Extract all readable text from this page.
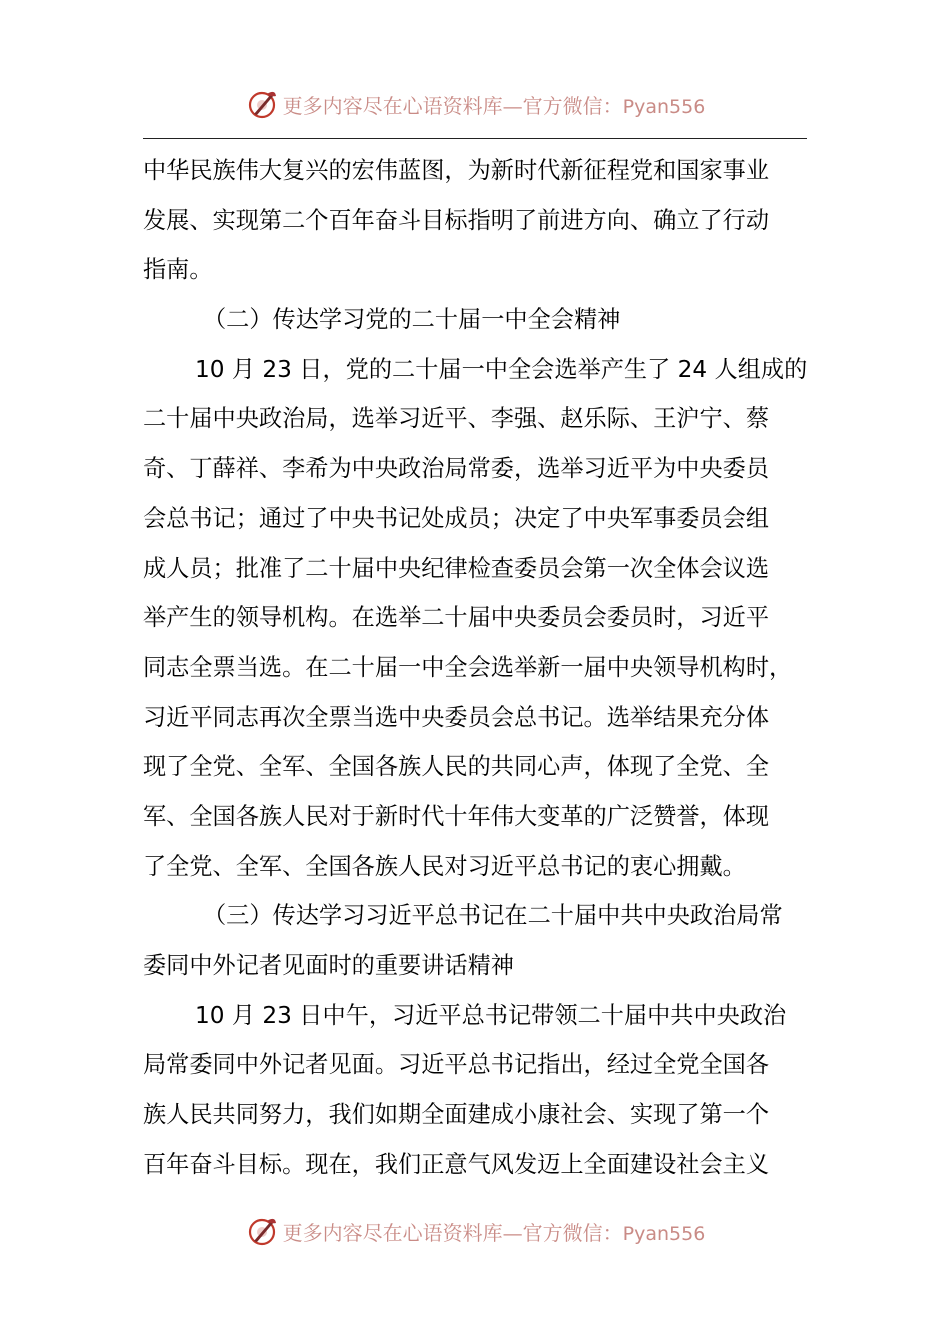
更多内容尽在心语资料库—官方微信：Pyan556
中华民族伟大复兴的宏伟蓝图，为新时代新征程党和国家事业
发展、实现第二个百年奋斗目标指明了前进方向、确立了行动
指南。
（二）传达学习党的二十届一中全会精神
10 月 23 日，党的二十届一中全会选举产生了 24 人组成的
二十届中央政治局，选举习近平、李强、赵乐际、王沪宁、蔡
奇、丁薛祥、李希为中央政治局常委，选举习近平为中央委员
会总书记；通过了中央书记处成员；决定了中央军事委员会组
成人员；批准了二十届中央纪律检查委员会第一次全体会议选
举产生的领导机构。在选举二十届中央委员会委员时，习近平
同志全票当选。在二十届一中全会选举新一届中央领导机构时，
习近平同志再次全票当选中央委员会总书记。选举结果充分体
现了全党、全军、全国各族人民的共同心声，体现了全党、全
军、全国各族人民对于新时代十年伟大变革的广泛赞誉，体现
了全党、全军、全国各族人民对习近平总书记的衷心拥戴。
（三）传达学习习近平总书记在二十届中共中央政治局常
委同中外记者见面时的重要讲话精神
10 月 23 日中午，习近平总书记带领二十届中共中央政治
局常委同中外记者见面。习近平总书记指出，经过全党全国各
族人民共同努力，我们如期全面建成小康社会、实现了第一个
百年奋斗目标。现在，我们正意气风发迈上全面建设社会主义
更多内容尽在心语资料库—官方微信：Pyan556
